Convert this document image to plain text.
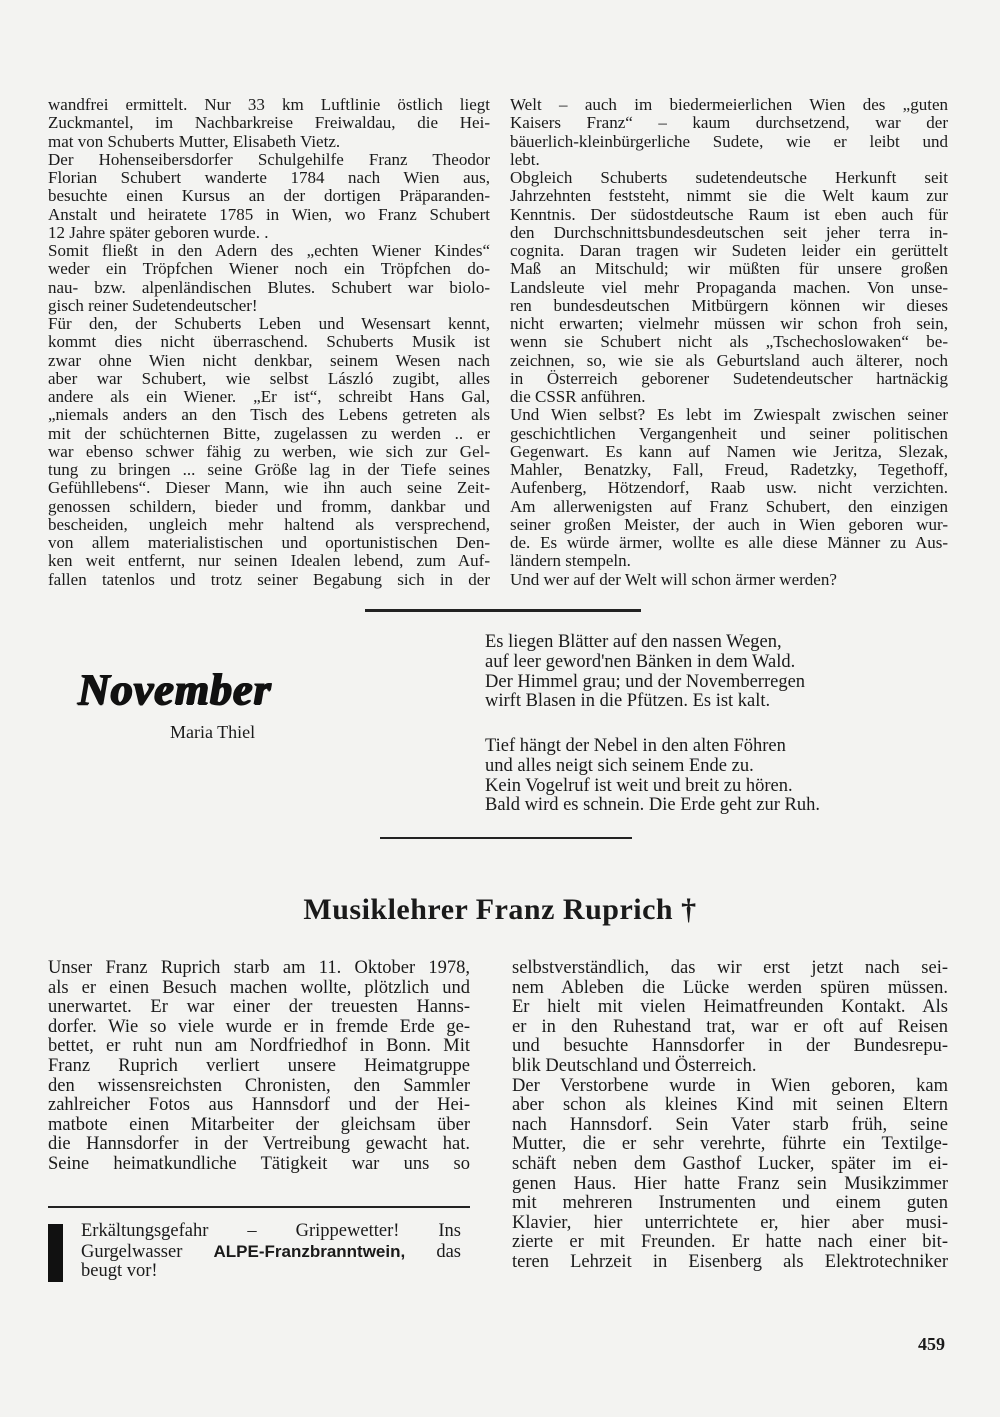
wandfrei ermittelt. Nur 33 km Luftlinie östlich liegt
Zuckmantel, im Nachbarkreise Freiwaldau, die Hei-
mat von Schuberts Mutter, Elisabeth Vietz.
Der Hohenseibersdorfer Schulgehilfe Franz Theodor
Florian Schubert wanderte 1784 nach Wien aus,
besuchte einen Kursus an der dortigen Präparanden-
Anstalt und heiratete 1785 in Wien, wo Franz Schubert
12 Jahre später geboren wurde. .
Somit fließt in den Adern des „echten Wiener Kindes“
weder ein Tröpfchen Wiener noch ein Tröpfchen do-
nau- bzw. alpenländischen Blutes. Schubert war biolo-
gisch reiner Sudetendeutscher!
Für den, der Schuberts Leben und Wesensart kennt,
kommt dies nicht überraschend. Schuberts Musik ist
zwar ohne Wien nicht denkbar, seinem Wesen nach
aber war Schubert, wie selbst László zugibt, alles
andere als ein Wiener. „Er ist“, schreibt Hans Gal,
„niemals anders an den Tisch des Lebens getreten als
mit der schüchternen Bitte, zugelassen zu werden .. er
war ebenso schwer fähig zu werben, wie sich zur Gel-
tung zu bringen ... seine Größe lag in der Tiefe seines
Gefühllebens“. Dieser Mann, wie ihn auch seine Zeit-
genossen schildern, bieder und fromm, dankbar und
bescheiden, ungleich mehr haltend als versprechend,
von allem materialistischen und oportunistischen Den-
ken weit entfernt, nur seinen Idealen lebend, zum Auf-
fallen tatenlos und trotz seiner Begabung sich in der
Welt – auch im biedermeierlichen Wien des „guten
Kaisers Franz“ – kaum durchsetzend, war der
bäuerlich-kleinbürgerliche Sudete, wie er leibt und
lebt.
Obgleich Schuberts sudetendeutsche Herkunft seit
Jahrzehnten feststeht, nimmt sie die Welt kaum zur
Kenntnis. Der südostdeutsche Raum ist eben auch für
den Durchschnittsbundesdeutschen seit jeher terra in-
cognita. Daran tragen wir Sudeten leider ein gerüttelt
Maß an Mitschuld; wir müßten für unsere großen
Landsleute viel mehr Propaganda machen. Von unse-
ren bundesdeutschen Mitbürgern können wir dieses
nicht erwarten; vielmehr müssen wir schon froh sein,
wenn sie Schubert nicht als „Tschechoslowaken“ be-
zeichnen, so, wie sie als Geburtsland auch älterer, noch
in Österreich geborener Sudetendeutscher hartnäckig
die CSSR anführen.
Und Wien selbst? Es lebt im Zwiespalt zwischen seiner
geschichtlichen Vergangenheit und seiner politischen
Gegenwart. Es kann auf Namen wie Jeritza, Slezak,
Mahler, Benatzky, Fall, Freud, Radetzky, Tegethoff,
Aufenberg, Hötzendorf, Raab usw. nicht verzichten.
Am allerwenigsten auf Franz Schubert, den einzigen
seiner großen Meister, der auch in Wien geboren wur-
de. Es würde ärmer, wollte es alle diese Männer zu Aus-
ländern stempeln.
Und wer auf der Welt will schon ärmer werden?
November
Maria Thiel
Es liegen Blätter auf den nassen Wegen,
auf leer geword'nen Bänken in dem Wald.
Der Himmel grau; und der Novemberregen
wirft Blasen in die Pfützen. Es ist kalt.
Tief hängt der Nebel in den alten Föhren
und alles neigt sich seinem Ende zu.
Kein Vogelruf ist weit und breit zu hören.
Bald wird es schnein. Die Erde geht zur Ruh.
Musiklehrer Franz Ruprich †
Unser Franz Ruprich starb am 11. Oktober 1978,
als er einen Besuch machen wollte, plötzlich und
unerwartet. Er war einer der treuesten Hanns-
dorfer. Wie so viele wurde er in fremde Erde ge-
bettet, er ruht nun am Nordfriedhof in Bonn. Mit
Franz Ruprich verliert unsere Heimatgruppe
den wissensreichsten Chronisten, den Sammler
zahlreicher Fotos aus Hannsdorf und der Hei-
matbote einen Mitarbeiter der gleichsam über
die Hannsdorfer in der Vertreibung gewacht hat.
Seine heimatkundliche Tätigkeit war uns so
selbstverständlich, das wir erst jetzt nach sei-
nem Ableben die Lücke werden spüren müssen.
Er hielt mit vielen Heimatfreunden Kontakt. Als
er in den Ruhestand trat, war er oft auf Reisen
und besuchte Hannsdorfer in der Bundesrepu-
blik Deutschland und Österreich.
Der Verstorbene wurde in Wien geboren, kam
aber schon als kleines Kind mit seinen Eltern
nach Hannsdorf. Sein Vater starb früh, seine
Mutter, die er sehr verehrte, führte ein Textilge-
schäft neben dem Gasthof Lucker, später im ei-
genen Haus. Hier hatte Franz sein Musikzimmer
mit mehreren Instrumenten und einem guten
Klavier, hier unterrichtete er, hier aber musi-
zierte er mit Freunden. Er hatte nach einer bit-
teren Lehrzeit in Eisenberg als Elektrotechniker
Erkältungsgefahr – Grippewetter! Ins
Gurgelwasser ALPE-Franzbranntwein, das
beugt vor!
459
